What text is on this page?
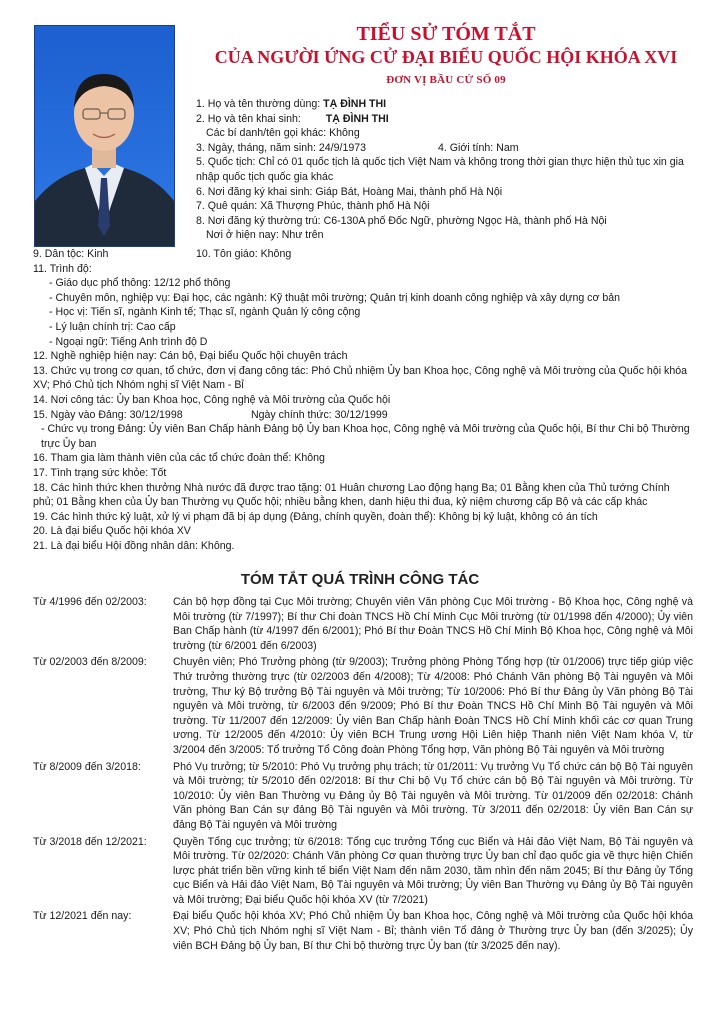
TIỂU SỬ TÓM TẮT
CỦA NGƯỜI ỨNG CỬ ĐẠI BIỂU QUỐC HỘI KHÓA XVI
ĐƠN VỊ BẦU CỬ SỐ 09
1. Họ và tên thường dùng: TẠ ĐÌNH THI
2. Họ và tên khai sinh: TẠ ĐÌNH THI
Các bí danh/tên gọi khác: Không
3. Ngày, tháng, năm sinh: 24/9/1973	4. Giới tính: Nam
5. Quốc tịch: Chỉ có 01 quốc tịch là quốc tịch Việt Nam và không trong thời gian thực hiện thủ tục xin gia nhập quốc tịch quốc gia khác
6. Nơi đăng ký khai sinh: Giáp Bát, Hoàng Mai, thành phố Hà Nội
7. Quê quán: Xã Thượng Phúc, thành phố Hà Nội
8. Nơi đăng ký thường trú: C6-130A phố Đốc Ngữ, phường Ngọc Hà, thành phố Hà Nội
Nơi ở hiện nay: Như trên
9. Dân tộc: Kinh	10. Tôn giáo: Không
11. Trình độ:
- Giáo dục phổ thông: 12/12 phổ thông
- Chuyên môn, nghiệp vụ: Đại học, các ngành: Kỹ thuật môi trường; Quản trị kinh doanh công nghiệp và xây dựng cơ bản
- Học vị: Tiến sĩ, ngành Kinh tế; Thạc sĩ, ngành Quản lý công cộng
- Lý luận chính trị: Cao cấp
- Ngoại ngữ: Tiếng Anh trình độ D
12. Nghề nghiệp hiện nay: Cán bộ, Đại biểu Quốc hội chuyên trách
13. Chức vụ trong cơ quan, tổ chức, đơn vị đang công tác: Phó Chủ nhiệm Ủy ban Khoa học, Công nghệ và Môi trường của Quốc hội khóa XV; Phó Chủ tịch Nhóm nghị sĩ Việt Nam - Bỉ
14. Nơi công tác: Ủy ban Khoa học, Công nghệ và Môi trường của Quốc hội
15. Ngày vào Đảng: 30/12/1998	Ngày chính thức: 30/12/1999
- Chức vụ trong Đảng: Ủy viên Ban Chấp hành Đảng bộ Ủy ban Khoa học, Công nghệ và Môi trường của Quốc hội, Bí thư Chi bộ Thường trực Ủy ban
16. Tham gia làm thành viên của các tổ chức đoàn thể: Không
17. Tình trạng sức khỏe: Tốt
18. Các hình thức khen thưởng Nhà nước đã được trao tặng: 01 Huân chương Lao động hạng Ba; 01 Bằng khen của Thủ tướng Chính phủ; 01 Bằng khen của Ủy ban Thường vụ Quốc hội; nhiều bằng khen, danh hiệu thi đua, kỷ niệm chương cấp Bộ và các cấp khác
19. Các hình thức kỷ luật, xử lý vi phạm đã bị áp dụng (Đảng, chính quyền, đoàn thể): Không bị kỷ luật, không có án tích
20. Là đại biểu Quốc hội khóa XV
21. Là đại biểu Hội đồng nhân dân: Không.
TÓM TẮT QUÁ TRÌNH CÔNG TÁC
Từ 4/1996 đến 02/2003:	Cán bộ hợp đồng tại Cục Môi trường; Chuyên viên Văn phòng Cục Môi trường - Bộ Khoa học, Công nghệ và Môi trường (từ 7/1997); Bí thư Chi đoàn TNCS Hồ Chí Minh Cục Môi trường (từ 01/1998 đến 4/2000); Ủy viên Ban Chấp hành (từ 4/1997 đến 6/2001); Phó Bí thư Đoàn TNCS Hồ Chí Minh Bộ Khoa học, Công nghệ và Môi trường (từ 6/2001 đến 6/2003)
Từ 02/2003 đến 8/2009:	Chuyên viên; Phó Trưởng phòng (từ 9/2003); Trưởng phòng Phòng Tổng hợp (từ 01/2006) trực tiếp giúp việc Thứ trưởng thường trực (từ 02/2003 đến 4/2008); Từ 4/2008: Phó Chánh Văn phòng Bộ Tài nguyên và Môi trường, Thư ký Bộ trưởng Bộ Tài nguyên và Môi trường; Từ 10/2006: Phó Bí thư Đảng ủy Văn phòng Bộ Tài nguyên và Môi trường, từ 6/2003 đến 9/2009; Phó Bí thư Đoàn TNCS Hồ Chí Minh Bộ Tài nguyên và Môi trường. Từ 11/2007 đến 12/2009: Ủy viên Ban Chấp hành Đoàn TNCS Hồ Chí Minh khối các cơ quan Trung ương. Từ 12/2005 đến 4/2010: Ủy viên BCH Trung ương Hội Liên hiệp Thanh niên Việt Nam khóa V, từ 3/2004 đến 3/2005: Tổ trưởng Tổ Công đoàn Phòng Tổng hợp, Văn phòng Bộ Tài nguyên và Môi trường
Từ 8/2009 đến 3/2018:	Phó Vụ trưởng; từ 5/2010: Phó Vụ trưởng phụ trách; từ 01/2011: Vụ trưởng Vụ Tổ chức cán bộ Bộ Tài nguyên và Môi trường; từ 5/2010 đến 02/2018: Bí thư Chi bộ Vụ Tổ chức cán bộ Bộ Tài nguyên và Môi trường. Từ 10/2010: Ủy viên Ban Thường vụ Đảng ủy Bộ Tài nguyên và Môi trường. Từ 01/2009 đến 02/2018: Chánh Văn phòng Ban Cán sự đảng Bộ Tài nguyên và Môi trường. Từ 3/2011 đến 02/2018: Ủy viên Ban Cán sự đảng Bộ Tài nguyên và Môi trường
Từ 3/2018 đến 12/2021:	Quyền Tổng cục trưởng; từ 6/2018: Tổng cục trưởng Tổng cục Biển và Hải đảo Việt Nam, Bộ Tài nguyên và Môi trường. Từ 02/2020: Chánh Văn phòng Cơ quan thường trực Ủy ban chỉ đạo quốc gia về thực hiện Chiến lược phát triển bền vững kinh tế biển Việt Nam đến năm 2030, tầm nhìn đến năm 2045; Bí thư Đảng ủy Tổng cục Biển và Hải đảo Việt Nam, Bộ Tài nguyên và Môi trường; Ủy viên Ban Thường vụ Đảng ủy Bộ Tài nguyên và Môi trường; Đại biểu Quốc hội khóa XV (từ 7/2021)
Từ 12/2021 đến nay:	Đại biểu Quốc hội khóa XV; Phó Chủ nhiệm Ủy ban Khoa học, Công nghệ và Môi trường của Quốc hội khóa XV; Phó Chủ tịch Nhóm nghị sĩ Việt Nam - Bỉ; thành viên Tổ đảng ở Thường trực Ủy ban (đến 3/2025); Ủy viên BCH Đảng bộ Ủy ban, Bí thư Chi bộ thường trực Ủy ban (từ 3/2025 đến nay).
